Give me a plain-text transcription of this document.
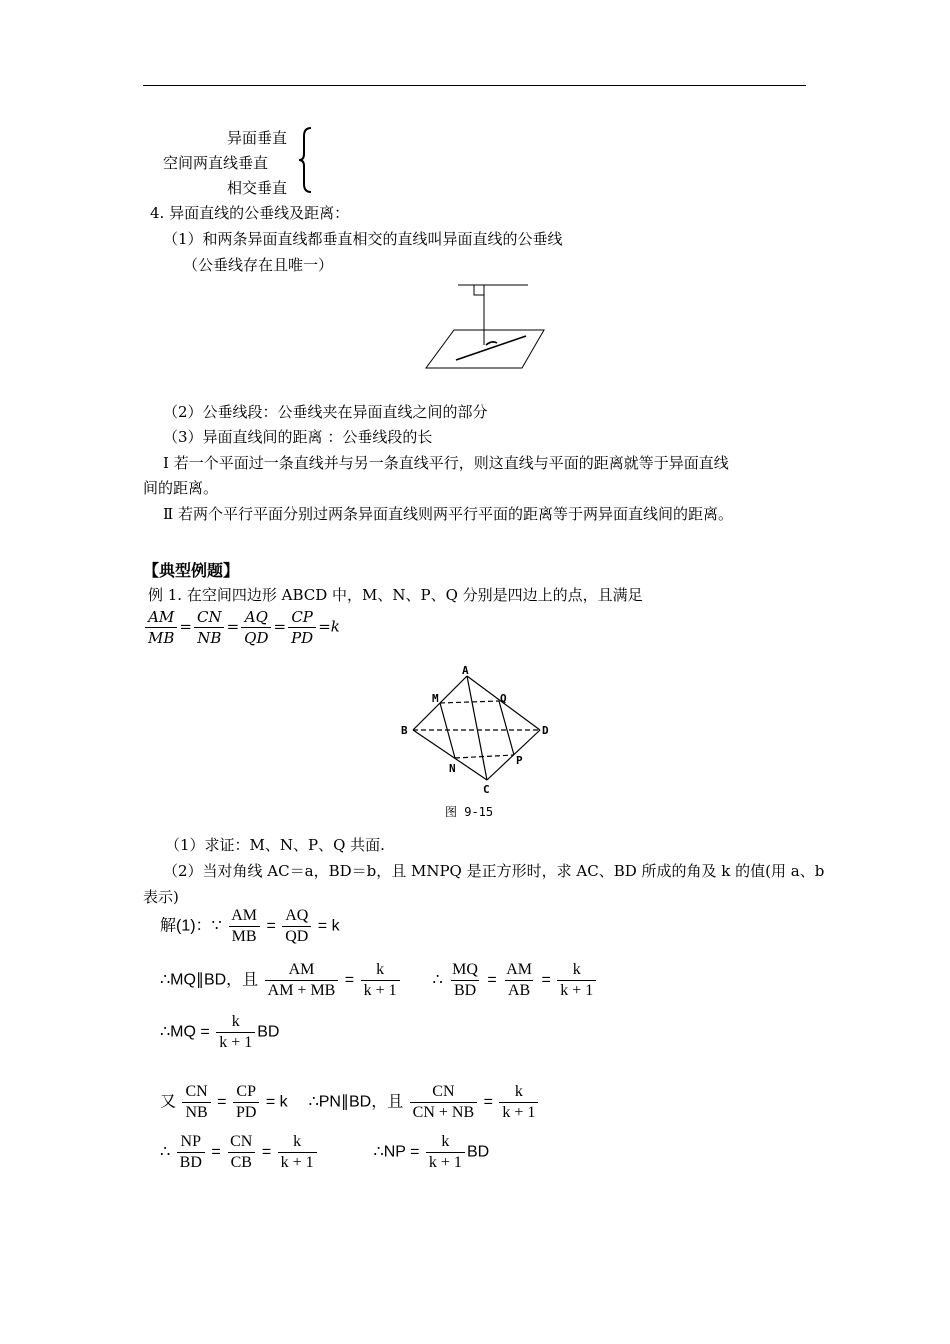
异面垂直
空间两直线垂直
相交垂直
4. 异面直线的公垂线及距离：
（1）和两条异面直线都垂直相交的直线叫异面直线的公垂线
（公垂线存在且唯一）
（2）公垂线段：公垂线夹在异面直线之间的部分
（3）异面直线间的距离 ：公垂线段的长
Ⅰ 若一个平面过一条直线并与另一条直线平行，则这直线与平面的距离就等于异面直线
间的距离。
Ⅱ 若两个平行平面分别过两条异面直线则两平行平面的距离等于两异面直线间的距离。
【典型例题】
例 1. 在空间四边形 ABCD 中，M、N、P、Q 分别是四边上的点，且满足
$\frac{AM}{MB} = \frac{CN}{NB} = \frac{AQ}{QD} = \frac{CP}{PD} =k$
A
B
C
D
M
N
P
Q
图 9-15
（1）求证：M、N、P、Q 共面.
（2）当对角线 AC＝a，BD＝b，且 MNPQ 是正方形时，求 AC、BD 所成的角及 k 的值(用 a、b
表示)
解(1)：∵ $\frac{AM}{MB} = \frac{AQ}{QD} = k$
∴MQ∥BD，且 $\frac{AM}{AM + MB} = \frac{k}{k + 1}$ ∴ $\frac{MQ}{BD} = \frac{AM}{AB} = \frac{k}{k + 1}$
∴MQ = $\frac{k}{k + 1}$ BD
又 $\frac{CN}{NB} = \frac{CP}{PD} = k$ ∴PN∥BD，且 $\frac{CN}{CN + NB} = \frac{k}{k + 1}$
∴ $\frac{NP}{BD} = \frac{CN}{CB} = \frac{k}{k + 1}$	∴NP = $\frac{k}{k + 1}$ BD
